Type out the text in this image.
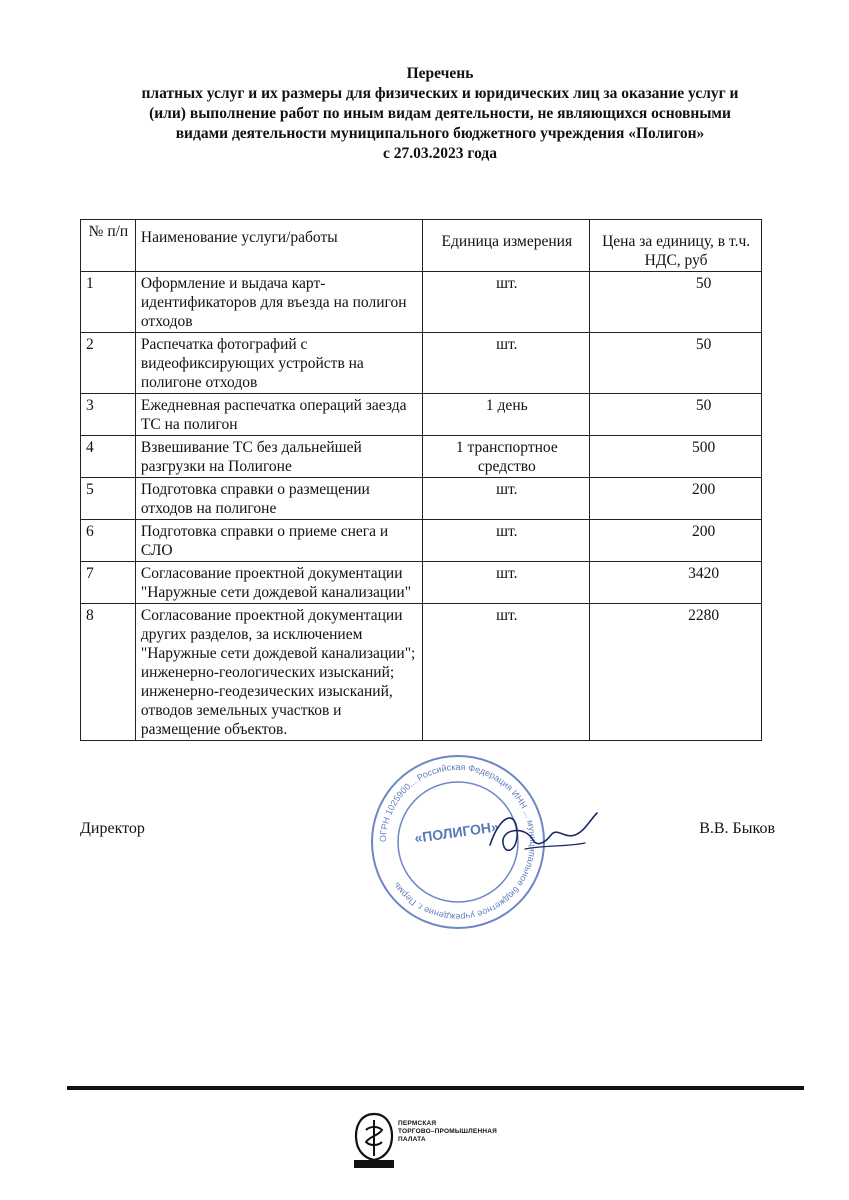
Перечень
платных услуг и их размеры для физических и юридических лиц за оказание услуг и
(или) выполнение работ по иным видам деятельности, не являющихся основными
видами деятельности муниципального бюджетного учреждения «Полигон»
с 27.03.2023 года
№ п/п	Наименование услуги/работы	Единица измерения	Цена за единицу, в т.ч. НДС, руб
1	Оформление и выдача карт-идентификаторов для въезда на полигон отходов	шт.	50
2	Распечатка фотографий с видеофиксирующих устройств на полигоне отходов	шт.	50
3	Ежедневная распечатка операций заезда ТС на полигон	1 день	50
4	Взвешивание ТС без дальнейшей разгрузки на Полигоне	1 транспортное средство	500
5	Подготовка справки о размещении отходов на полигоне	шт.	200
6	Подготовка справки о приеме снега и СЛО	шт.	200
7	Согласование проектной документации "Наружные сети дождевой канализации"	шт.	3420
8	Согласование проектной документации других разделов, за исключением "Наружные сети дождевой канализации"; инженерно-геологических изысканий; инженерно-геодезических изысканий, отводов земельных участков и размещение объектов.	шт.	2280
Директор	В.В. Быков
ОГРН 1025900... Российская Федерация ИНН ... муниципальное бюджетное учреждение г. Пермь
«ПОЛИГОН»
ПЕРМСКАЯ
ТОРГОВО–ПРОМЫШЛЕННАЯ
ПАЛАТА
